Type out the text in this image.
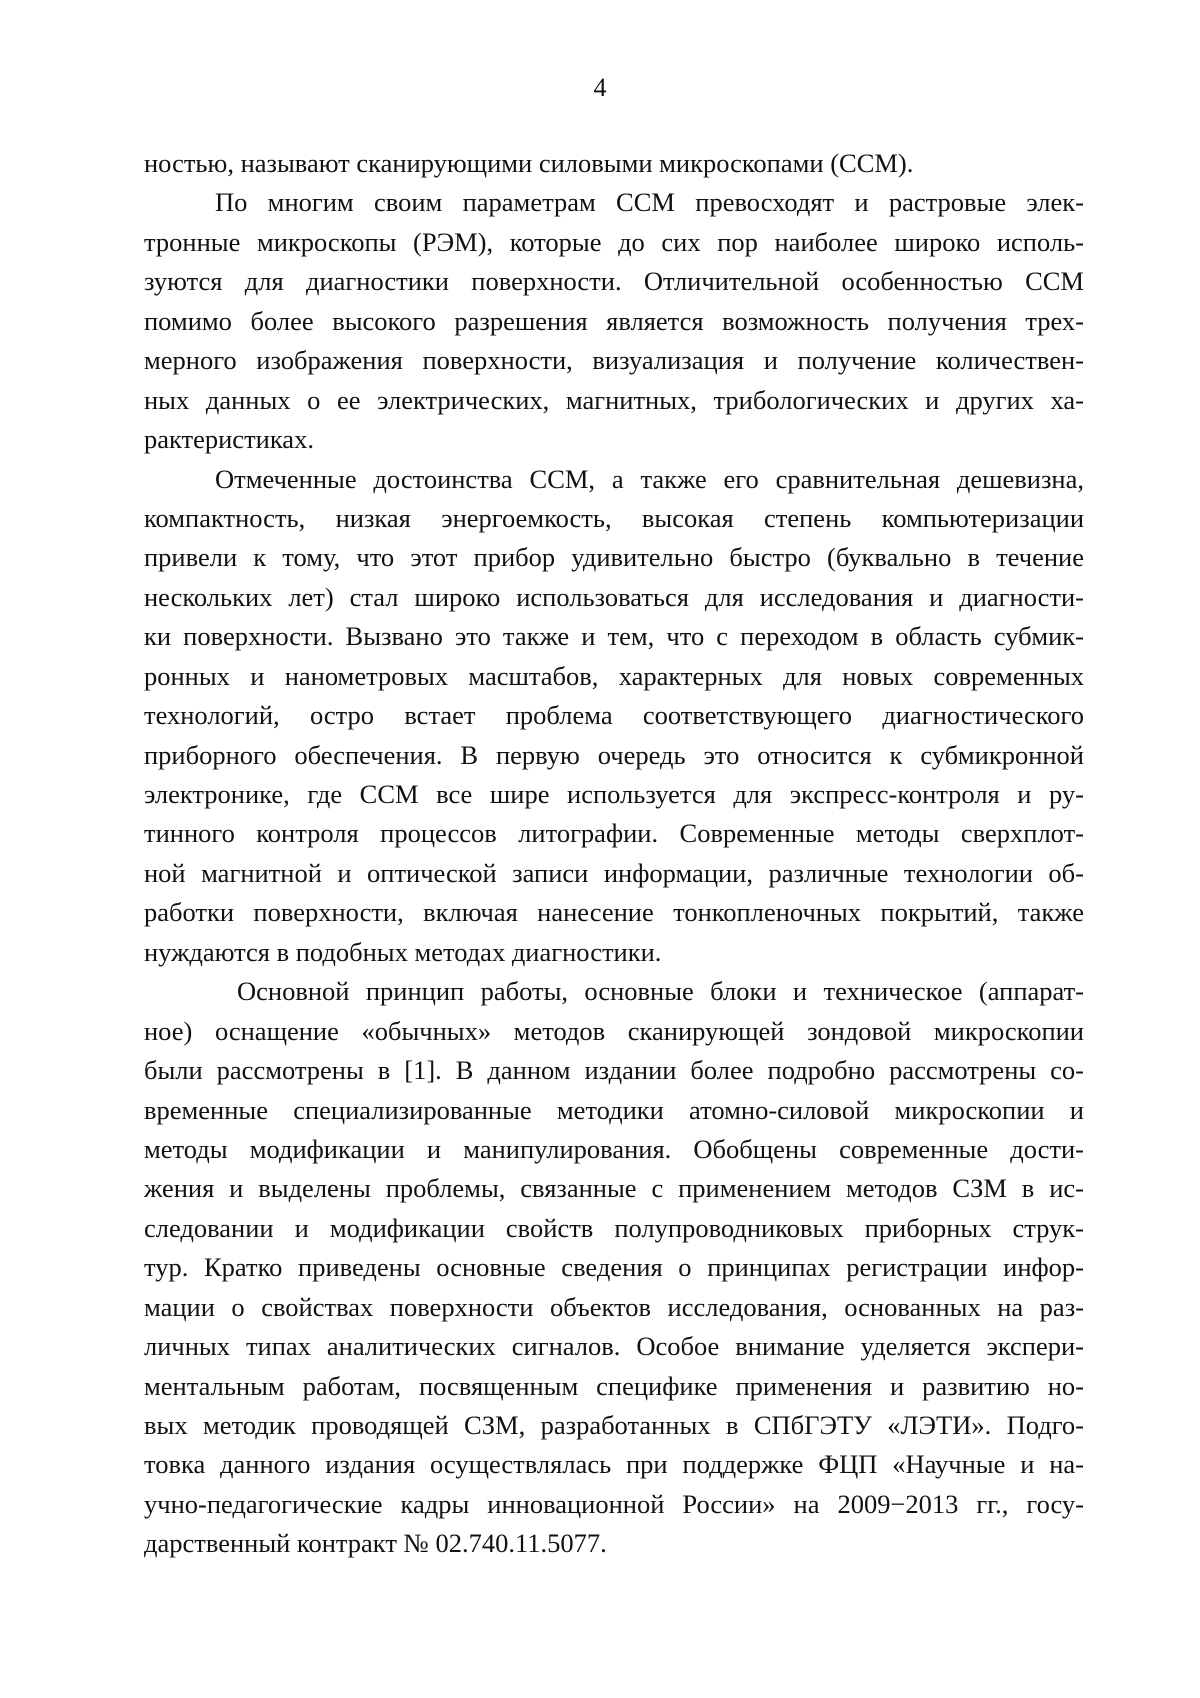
4
ностью, называют сканирующими силовыми микроскопами (ССМ).
По многим своим параметрам ССМ превосходят и растровые элек-
тронные микроскопы (РЭМ), которые до сих пор наиболее широко исполь-
зуются для диагностики поверхности. Отличительной особенностью ССМ
помимо более высокого разрешения является возможность получения трех-
мерного изображения поверхности, визуализация и получение количествен-
ных данных о ее электрических, магнитных, трибологических и других ха-
рактеристиках.
Отмеченные достоинства ССМ, а также его сравнительная дешевизна,
компактность, низкая энергоемкость, высокая степень компьютеризации
привели к тому, что этот прибор удивительно быстро (буквально в течение
нескольких лет) стал широко использоваться для исследования и диагности-
ки поверхности. Вызвано это также и тем, что с переходом в область субмик-
ронных и нанометровых масштабов, характерных для новых современных
технологий, остро встает проблема соответствующего диагностического
приборного обеспечения. В первую очередь это относится к субмикронной
электронике, где ССМ все шире используется для экспресс-контроля и ру-
тинного контроля процессов литографии. Современные методы сверхплот-
ной магнитной и оптической записи информации, различные технологии об-
работки поверхности, включая нанесение тонкопленочных покрытий, также
нуждаются в подобных методах диагностики.
Основной принцип работы, основные блоки и техническое (аппарат-
ное) оснащение «обычных» методов сканирующей зондовой микроскопии
были рассмотрены в [1]. В данном издании более подробно рассмотрены со-
временные специализированные методики атомно-силовой микроскопии и
методы модификации и манипулирования. Обобщены современные дости-
жения и выделены проблемы, связанные с применением методов СЗМ в ис-
следовании и модификации свойств полупроводниковых приборных струк-
тур. Кратко приведены основные сведения о принципах регистрации инфор-
мации о свойствах поверхности объектов исследования, основанных на раз-
личных типах аналитических сигналов. Особое внимание уделяется экспери-
ментальным работам, посвященным специфике применения и развитию но-
вых методик проводящей СЗМ, разработанных в СПбГЭТУ «ЛЭТИ». Подго-
товка данного издания осуществлялась при поддержке ФЦП «Научные и на-
учно-педагогические кадры инновационной России» на 2009−2013 гг., госу-
дарственный контракт № 02.740.11.5077.
